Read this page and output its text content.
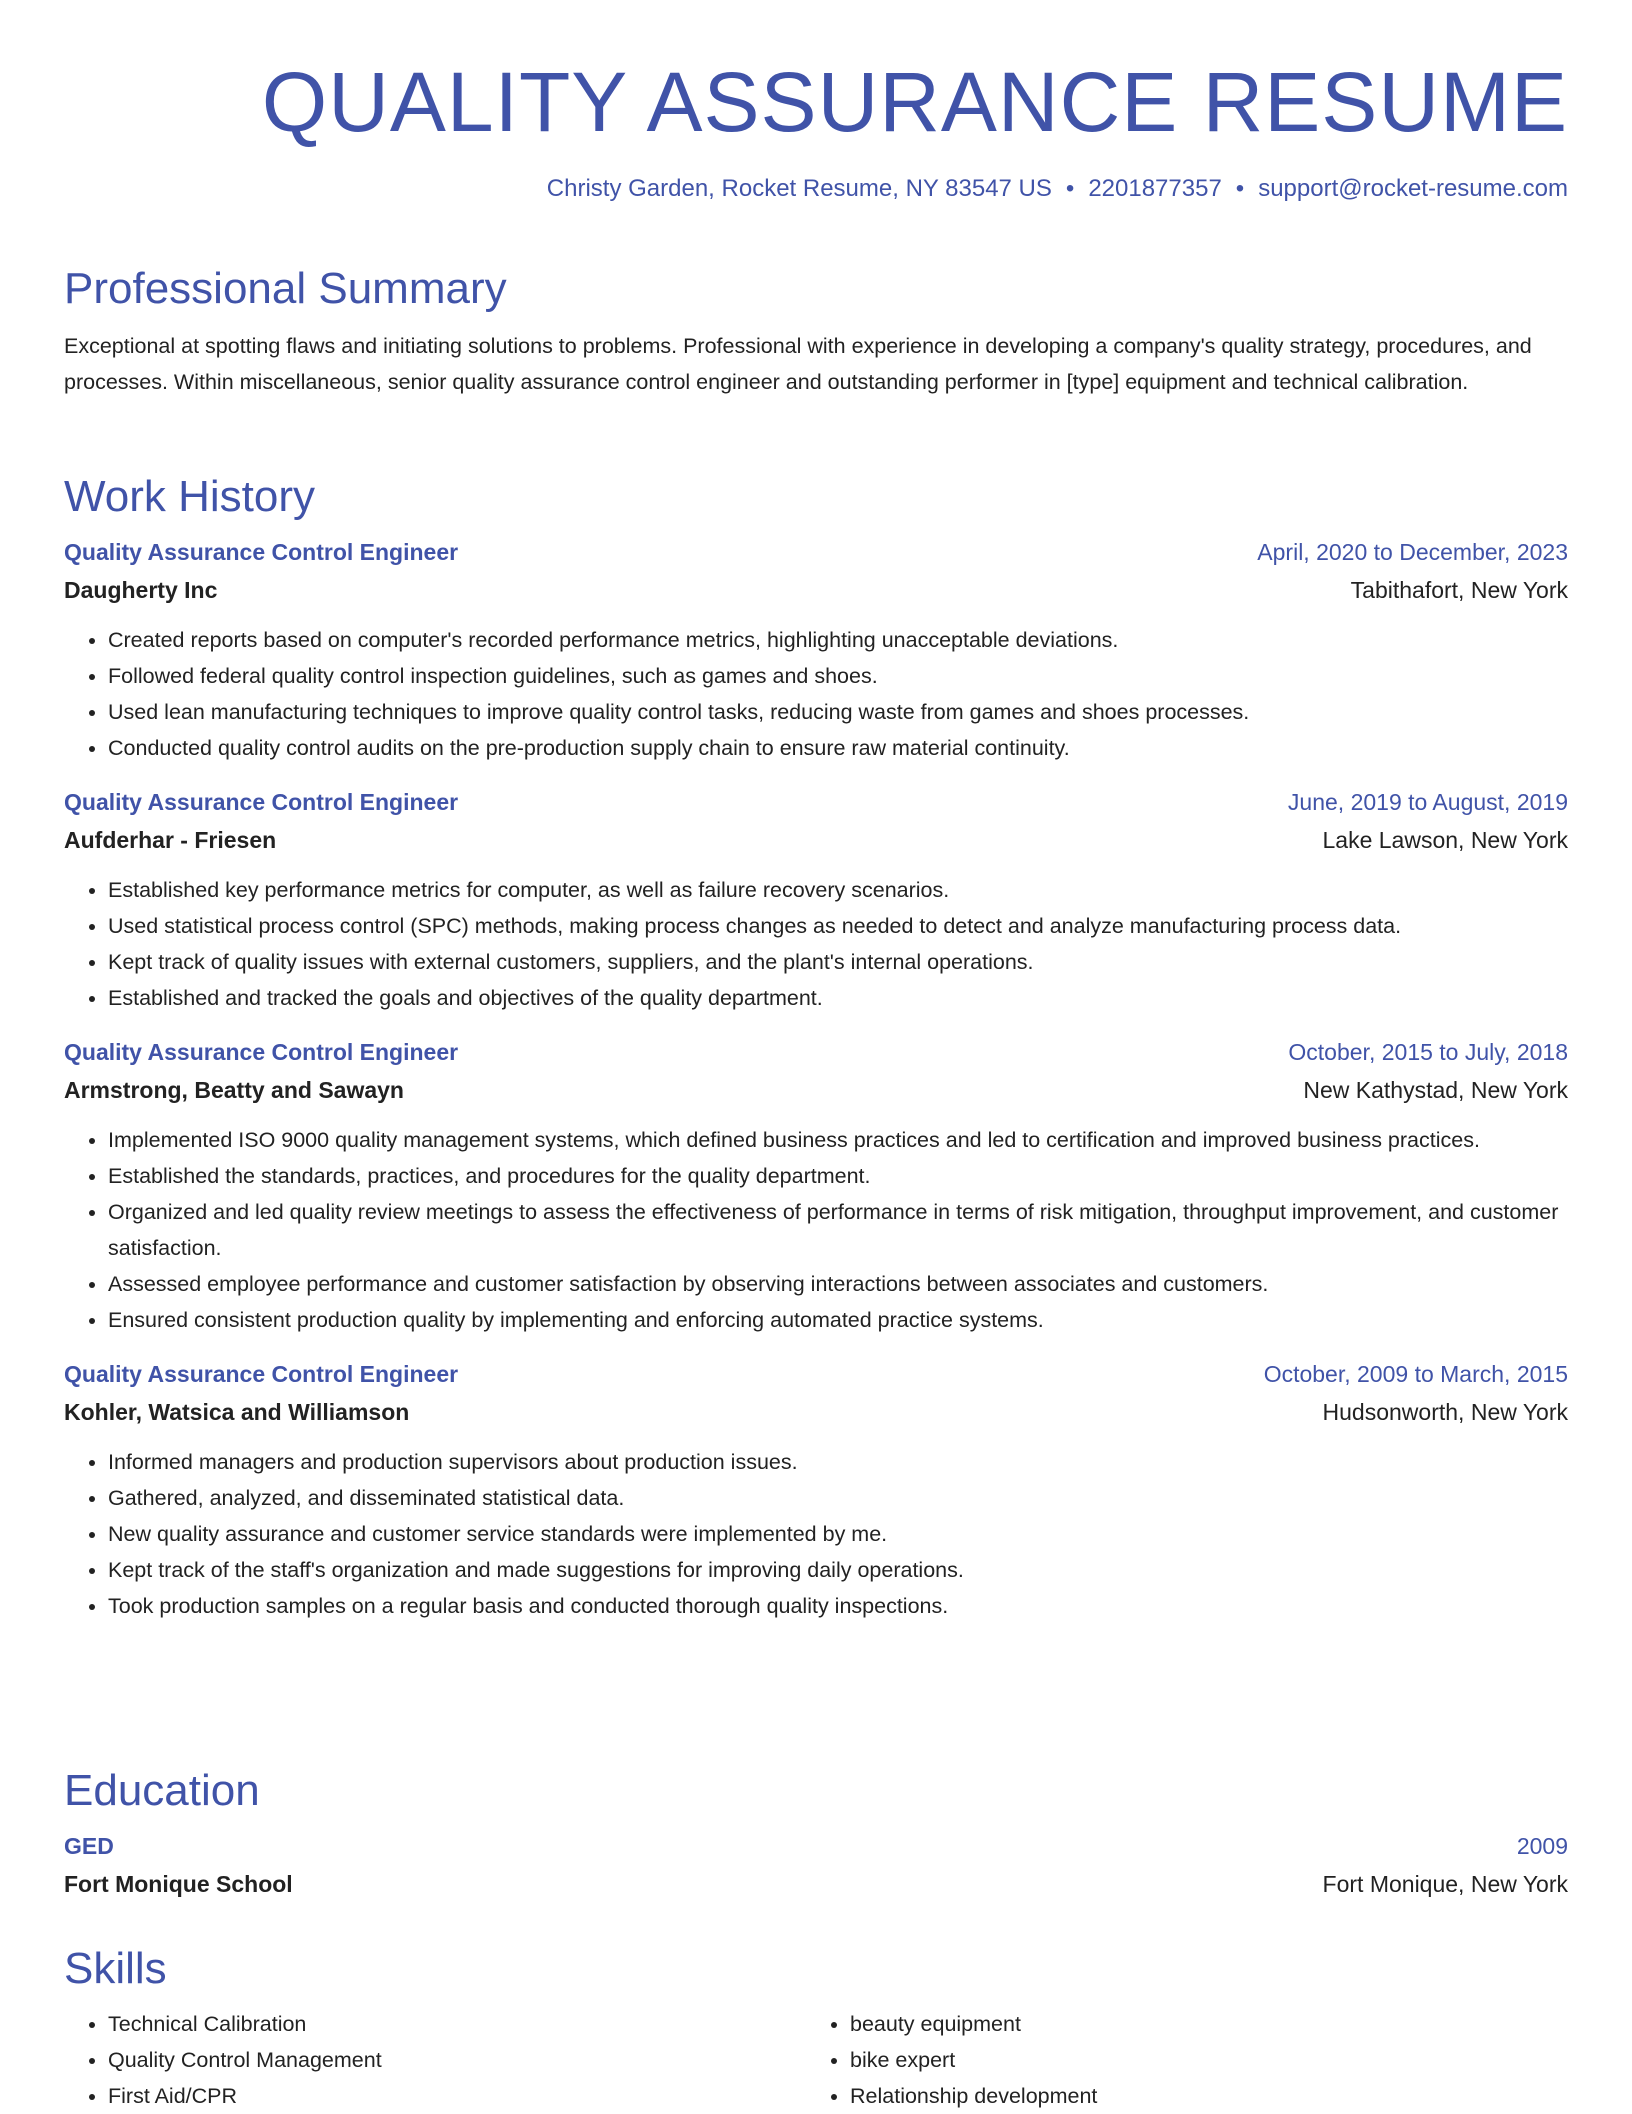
QUALITY ASSURANCE RESUME
Christy Garden, Rocket Resume, NY 83547 US • 2201877357 • support@rocket-resume.com
Professional Summary

Exceptional at spotting flaws and initiating solutions to problems. Professional with experience in developing a company's quality strategy, procedures, and processes. Within miscellaneous, senior quality assurance control engineer and outstanding performer in [type] equipment and technical calibration.

Work History
Quality Assurance Control Engineer	April, 2020 to December, 2023
Daugherty Inc	Tabithafort, New York
• Created reports based on computer's recorded performance metrics, highlighting unacceptable deviations.
• Followed federal quality control inspection guidelines, such as games and shoes.
• Used lean manufacturing techniques to improve quality control tasks, reducing waste from games and shoes processes.
• Conducted quality control audits on the pre-production supply chain to ensure raw material continuity.
Quality Assurance Control Engineer	June, 2019 to August, 2019
Aufderhar - Friesen	Lake Lawson, New York
• Established key performance metrics for computer, as well as failure recovery scenarios.
• Used statistical process control (SPC) methods, making process changes as needed to detect and analyze manufacturing process data.
• Kept track of quality issues with external customers, suppliers, and the plant's internal operations.
• Established and tracked the goals and objectives of the quality department.
Quality Assurance Control Engineer	October, 2015 to July, 2018
Armstrong, Beatty and Sawayn	New Kathystad, New York
• Implemented ISO 9000 quality management systems, which defined business practices and led to certification and improved business practices.
• Established the standards, practices, and procedures for the quality department.
• Organized and led quality review meetings to assess the effectiveness of performance in terms of risk mitigation, throughput improvement, and customer satisfaction.
• Assessed employee performance and customer satisfaction by observing interactions between associates and customers.
• Ensured consistent production quality by implementing and enforcing automated practice systems.
Quality Assurance Control Engineer	October, 2009 to March, 2015
Kohler, Watsica and Williamson	Hudsonworth, New York
• Informed managers and production supervisors about production issues.
• Gathered, analyzed, and disseminated statistical data.
• New quality assurance and customer service standards were implemented by me.
• Kept track of the staff's organization and made suggestions for improving daily operations.
• Took production samples on a regular basis and conducted thorough quality inspections.
Education
GED	2009
Fort Monique School	Fort Monique, New York
Skills
• Technical Calibration
• Quality Control Management
• First Aid/CPR
• beauty equipment
• bike expert
• Relationship development
